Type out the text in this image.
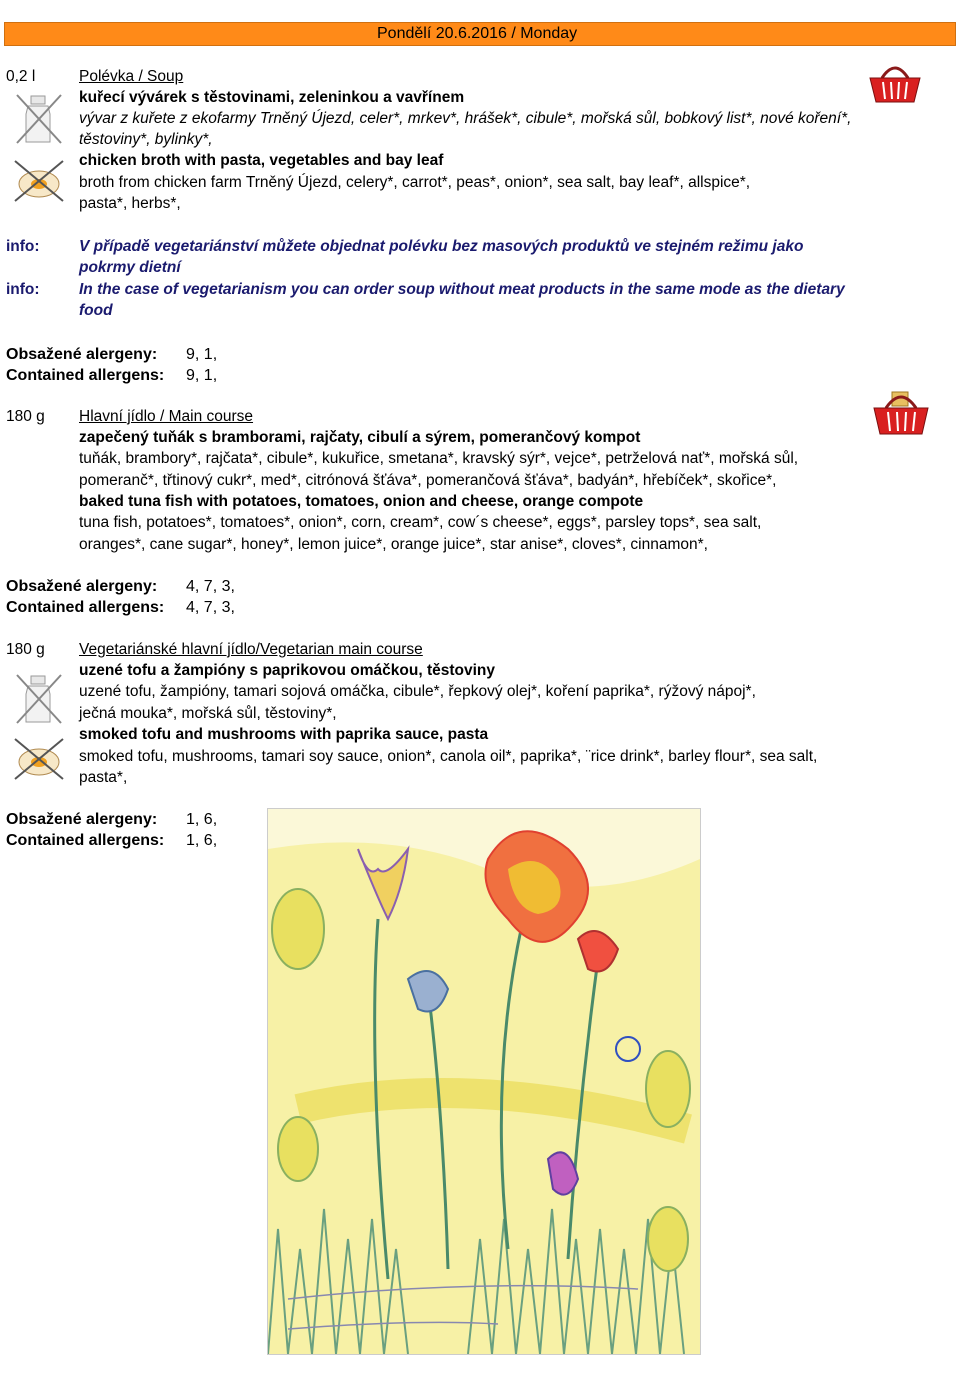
Pondělí 20.6.2016 / Monday
0,2 l	Polévka / Soup
kuřecí vývárek s těstovinami, zeleninkou a vavřínem
vývar z kuřete z ekofarmy Trněný Újezd, celer*, mrkev*, hrášek*, cibule*, mořská sůl, bobkový list*, nové koření*,
těstoviny*, bylinky*,
chicken broth with pasta, vegetables and bay leaf
broth from chicken farm Trněný Újezd, celery*, carrot*, peas*, onion*, sea salt, bay leaf*, allspice*,
pasta*, herbs*,
info:	V případě vegetariánství můžete objednat polévku bez masových produktů ve stejném režimu jako
pokrmy dietní
info:	In the case of vegetarianism you can order soup without meat products in the same mode as the dietary
food
Obsažené alergeny: 9, 1,
Contained allergens: 9, 1,
180 g Hlavní jídlo / Main course
zapečený tuňák s bramborami, rajčaty, cibulí a sýrem, pomerančový kompot
tuňák, brambory*, rajčata*, cibule*, kukuřice, smetana*, kravský sýr*, vejce*, petrželová nať*, mořská sůl,
pomeranč*, třtinový cukr*, med*, citrónová šťáva*, pomerančová šťáva*, badyán*, hřebíček*, skořice*,
baked tuna fish with potatoes, tomatoes, onion and cheese, orange compote
tuna fish, potatoes*, tomatoes*, onion*, corn, cream*, cow´s cheese*, eggs*, parsley tops*, sea salt,
oranges*, cane sugar*, honey*, lemon juice*, orange juice*, star anise*, cloves*, cinnamon*,
Obsažené alergeny: 4, 7, 3,
Contained allergens: 4, 7, 3,
180 g Vegetariánské hlavní jídlo/Vegetarian main course
uzené tofu a žampióny s paprikovou omáčkou, těstoviny
uzené tofu, žampióny, tamari sojová omáčka, cibule*, řepkový olej*, koření paprika*, rýžový nápoj*,
ječná mouka*, mořská sůl, těstoviny*,
smoked tofu and mushrooms with paprika sauce, pasta
smoked tofu, mushrooms, tamari soy sauce, onion*, canola oil*, paprika*, ¨rice drink*, barley flour*, sea salt,
pasta*,
Obsažené alergeny: 1, 6,
Contained allergens: 1, 6,
